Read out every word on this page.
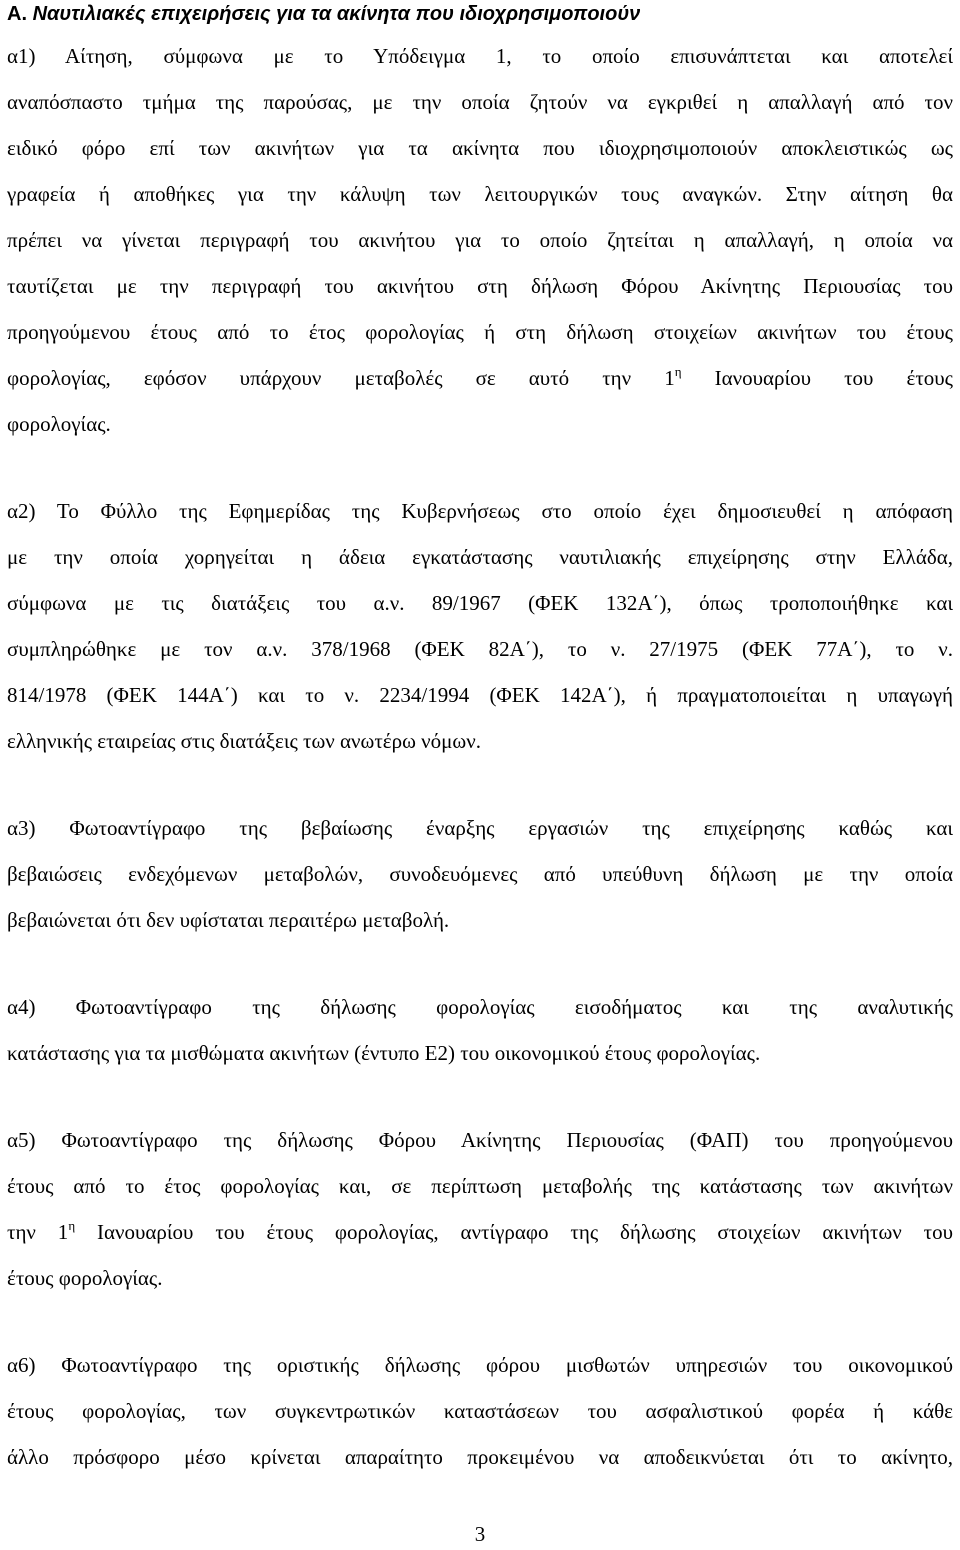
Α. Ναυτιλιακές επιχειρήσεις για τα ακίνητα που ιδιοχρησιμοποιούν

α1) Αίτηση, σύμφωνα με το Υπόδειγμα 1, το οποίο επισυνάπτεται και αποτελεί
αναπόσπαστο τμήμα της παρούσας, με την οποία ζητούν να εγκριθεί η απαλλαγή από τον
ειδικό φόρο επί των ακινήτων για τα ακίνητα που ιδιοχρησιμοποιούν αποκλειστικώς ως
γραφεία ή αποθήκες για την κάλυψη των λειτουργικών τους αναγκών. Στην αίτηση θα
πρέπει να γίνεται περιγραφή του ακινήτου για το οποίο ζητείται η απαλλαγή, η οποία να
ταυτίζεται με την περιγραφή του ακινήτου στη δήλωση Φόρου Ακίνητης Περιουσίας του
προηγούμενου έτους από το έτος φορολογίας ή στη δήλωση στοιχείων ακινήτων του έτους
φορολογίας, εφόσον υπάρχουν μεταβολές σε αυτό την $1^\eta$ Ιανουαρίου του έτους
φορολογίας.
α2) Το Φύλλο της Εφημερίδας της Κυβερνήσεως στο οποίο έχει δημοσιευθεί η απόφαση
με την οποία χορηγείται η άδεια εγκατάστασης ναυτιλιακής επιχείρησης στην Ελλάδα,
σύμφωνα με τις διατάξεις του α.ν. 89/1967 (ΦΕΚ 132Α΄), όπως τροποποιήθηκε και
συμπληρώθηκε με τον α.ν. 378/1968 (ΦΕΚ 82Α΄), το ν. 27/1975 (ΦΕΚ 77Α΄), το ν.
814/1978 (ΦΕΚ 144Α΄) και το ν. 2234/1994 (ΦΕΚ 142Α΄), ή πραγματοποιείται η υπαγωγή
ελληνικής εταιρείας στις διατάξεις των ανωτέρω νόμων.
α3) Φωτοαντίγραφο της βεβαίωσης έναρξης εργασιών της επιχείρησης καθώς και
βεβαιώσεις ενδεχόμενων μεταβολών, συνοδευόμενες από υπεύθυνη δήλωση με την οποία
βεβαιώνεται ότι δεν υφίσταται περαιτέρω μεταβολή.
α4) Φωτοαντίγραφο της δήλωσης φορολογίας εισοδήματος και της αναλυτικής
κατάστασης για τα μισθώματα ακινήτων (έντυπο Ε2) του οικονομικού έτους φορολογίας.
α5) Φωτοαντίγραφο της δήλωσης Φόρου Ακίνητης Περιουσίας (ΦΑΠ) του προηγούμενου
έτους από το έτος φορολογίας και, σε περίπτωση μεταβολής της κατάστασης των ακινήτων
την $1^\eta$ Ιανουαρίου του έτους φορολογίας, αντίγραφο της δήλωσης στοιχείων ακινήτων του
έτους φορολογίας.
α6) Φωτοαντίγραφο της οριστικής δήλωσης φόρου μισθωτών υπηρεσιών του οικονομικού
έτους φορολογίας, των συγκεντρωτικών καταστάσεων του ασφαλιστικού φορέα ή κάθε
άλλο πρόσφορο μέσο κρίνεται απαραίτητο προκειμένου να αποδεικνύεται ότι το ακίνητο,
3
